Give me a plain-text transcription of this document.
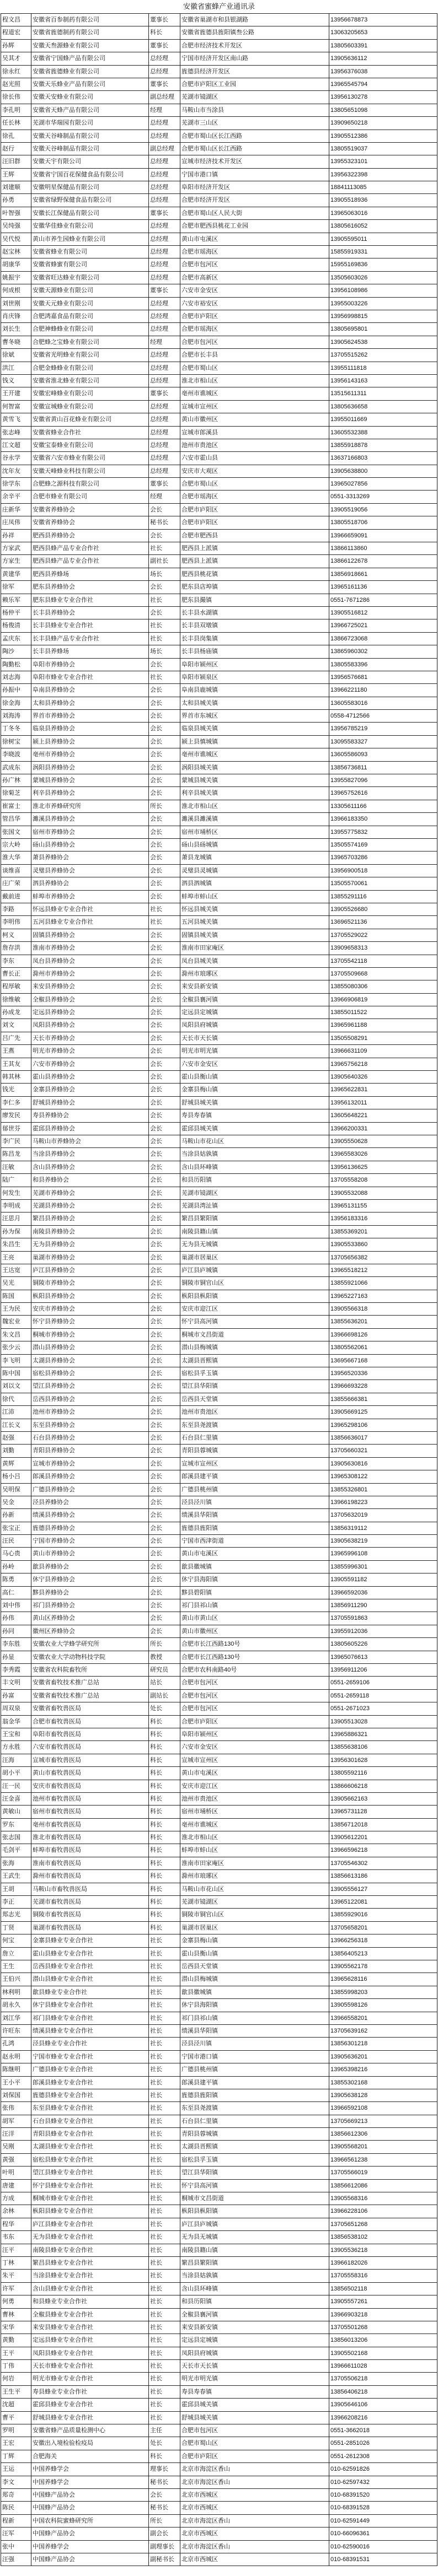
安徽省蜜蜂产业通讯录
程文昌	安徽省百参制药有限公司	董事长	安徽省巢湖市和县银湖路	13956678873
程道宏	安徽省旌德制药有限公司	科长	安徽省旌德县旌阳镇叁公路	13063205653
孙辉	安徽天叁源蜂业有限公司	董事长	合肥市经济技术开发区	13805603391
吴其才	安徽省宁国蜂产品有限公司	总经理	宁国市经济开发区南山路	13905636112
徐永红	安徽省旌德蜂业有限公司	总经理	旌德县经济开发区	13956376038
赵光照	安徽天乐蜂业产品有限公司	董事长	合肥市庐阳区工业园	13965545794
徐长伟	安徽天安蜂业有限公司	副总经理	芜湖市镜湖区	13956130278
李孔明	安徽省天蜂产品有限公司	经理	马鞍山市当涂县	13805651098
任长林	芜湖市华瑞园有限公司	总经理	芜湖市三山区	13909650218
徐孔	安徽天谷峰制品有限公司	总经理	合肥市蜀山区长江西路	13905512386
赵行	安徽天谷峰制品有限公司	副总经理	合肥市蜀山区长江西路	13805519037
汪旧群	安徽天宇有限公司	总经理	宣城市经济技术开发区	13955323101
王辉	安徽省宁国百花保健食品有限公司	总经理	宁国市港口镇	13956322398
刘建顺	安徽明星保健品有限公司	总经理	阜阳市经济开发区	18841113085
孙勇	安徽省绿野保健食品有限公司	总经理	合肥市经济开发区	13905518936
叶智强	安徽长江保健品有限公司	董事长	合肥市蜀山区人民大街	13965063016
吴纯强	安徽华佳蜂业有限公司	总经理	合肥市肥西县桃花工业园	13805616052
吴代悦	黄山市养生园蜂业有限公司	总经理	黄山市屯溪区	13905595011
赵宝林	安徽省蜂业有限公司	总经理	合肥市瑶海区	15855919331
胡康华	安徽省蜂蜜有限公司	总经理	合肥市包河区	15955169836
姚振宇	安徽省旺达蜂业有限公司	总经理	合肥市高新区	13505603026
何成根	安徽天源蜂业有限公司	董事长	六安市金安区	13956108986
刘世刚	安徽天元蜂业有限公司	总经理	六安市裕安区	13955003226
肖庆锋	合肥鸿嘉食品有限公司	总经理	合肥市庐阳区	13956998815
刘长生	合肥神蜂蜂业有限公司	总经理	合肥市瑶海区	13805695801
曹冬晓	合肥蜂之宝蜂业有限公司	经理	合肥市包河区	13905624538
徐斌	安徽省光明蜂业有限公司	总经理	合肥市长丰县	13705515262
洪江	合肥金蜂蜂业有限公司	总经理	合肥市蜀山区	13955111818
钱义	安徽省淮北蜂业有限公司	总经理	淮北市相山区	13956143163
王开建	安徽宏峰蜂业有限公司	董事长	亳州市谯城区	13515611311
何智富	安徽宣城蜂业有限公司	总经理	宣城市宣州区	13805636658
黄雪飞	安徽省黄山百花蜂业有限公司	总经理	黄山市徽州区	13955011669
张志峰	安徽省蜂业合作社	总经理	宣城市郎溪县	13605532388
江文超	安徽宝泰蜂业有限公司	总经理	池州市贵池区	13855918878
谷永学	安徽省六安市蜂业有限公司	总经理	六安市霍山县	13637166803
沈年友	安徽天峰蜂业科技有限公司	总经理	安庆市大观区	13905638800
徐学东	合肥蜂之源科技有限公司	董事长	合肥市蜀山区	13965027856
余辛平	合肥市蜂业有限公司	经理	合肥市瑶海区	0551-3313269
庄新华	安徽省养蜂协会	会长	合肥市庐阳区	13905519056
庄凤伟	安徽省养蜂协会	秘书长	合肥市庐阳区	13805518706
孙祥	肥西县养蜂协会	会长	合肥市肥西县	13966659091
方家武	肥西县蜂产品专业合作社	社长	肥西县上派镇	13866113860
方家生	肥西县蜂产品专业合作社	副社长	肥西县上派镇	13866122678
黄建华	肥西县养蜂场	场长	肥西县桃花镇	13856918661
徐军	肥东县养蜂协会	会长	肥东县店埠镇	13965161136
赖乐军	肥东县蜂业专业合作社	社长	肥东县撮镇	0551-7671286
杨仲平	长丰县养蜂协会	会长	长丰县水湖镇	13905516812
杨俊清	长丰县蜂业专业合作社	社长	长丰县双墩镇	13966725021
孟庆东	长丰县蜂产品专业合作社	社长	长丰县岗集镇	13866723068
陶沙	长丰县养蜂场	场长	长丰县杨庙镇	13865960302
陶勤松	阜阳市养蜂协会	会长	阜阳市颍州区	13805583396
刘志海	阜阳市蜂业专业合作社	社长	阜阳市颍泉区	13956576681
孙振中	阜南县养蜂协会	会长	阜南县鹿城镇	13966221180
徐金海	太和县养蜂协会	会长	太和县城关镇	13605583016
刘海涛	界首市养蜂协会	会长	界首市东城区	0558-4712566
丁冬冬	临泉县养蜂协会	会长	临泉县城关镇	13956785219
徐树宝	颍上县养蜂协会	会长	颍上县慎城镇	13095583327
李晓波	亳州市养蜂协会	会长	亳州市谯城区	13605586093
武成东	涡阳县养蜂协会	会长	涡阳县城关镇	13856736811
孙广林	蒙城县养蜂协会	会长	蒙城县城关镇	13955827096
徐菊芝	利辛县养蜂协会	会长	利辛县城关镇	13965752616
崔富士	淮北市养蜂研究所	所长	淮北市相山区	13305611166
管昌华	濉溪县养蜂协会	会长	濉溪县濉溪镇	13966183350
张国文	宿州市养蜂协会	会长	宿州市埇桥区	13955775832
宗大岭	砀山县养蜂协会	会长	砀山县砀城镇	13505574169
淮大华	萧县养蜂协会	会长	萧县龙城镇	13965703286
谈维喜	灵璧县养蜂协会	会长	灵璧县灵城镇	13956900518
庄广荣	泗县养蜂协会	会长	泗县泗城镇	13505570061
戴前进	蚌埠市养蜂协会	会长	蚌埠市蚌山区	13855291116
李路	怀远县蜂业专业合作社	社长	怀远县城关镇	13905526680
李明伟	五河县蜂业专业合作社	社长	五河县城关镇	13696521136
柯义	固镇县养蜂协会	会长	固镇县城关镇	13705529022
詹存洪	淮南市养蜂协会	会长	淮南市田家庵区	13909658313
李东	凤台县养蜂协会	会长	凤台县城关镇	13705542118
曹长正	滁州市养蜂协会	会长	滁州市琅琊区	13705509668
程厚敏	来安县养蜂协会	会长	来安县新安镇	13855080306
徐维敏	全椒县养蜂协会	会长	全椒县襄河镇	13966906819
孙成龙	定远县养蜂协会	会长	定远县定城镇	13855011522
刘文	凤阳县养蜂协会	会长	凤阳县府城镇	13965961188
吕广先	天长市养蜂协会	会长	天长市天长镇	13505508291
王燕	明光市养蜂协会	会长	明光市明光镇	13966631109
王其友	六安市养蜂协会	会长	六安市金安区	13965756218
韩其林	霍山县养蜂协会	会长	霍山县衡山镇	13905640326
钱光	金寨县养蜂协会	会长	金寨县梅山镇	13965622831
李仁多	舒城县养蜂协会	会长	舒城县城关镇	13956132011
廖发民	寿县养蜂协会	会长	寿县寿春镇	13605648221
郁世芬	霍邱县养蜂协会	会长	霍邱县城关镇	13966200331
李广民	马鞍山市养蜂协会	会长	马鞍山市花山区	13905550628
陈昌龙	当涂县养蜂协会	会长	当涂县姑孰镇	13965583026
汪敏	含山县养蜂协会	会长	含山县环峰镇	13956136625
陆广	和县养蜂协会	会长	和县历阳镇	13705558208
何发生	芜湖市养蜂协会	会长	芜湖市镜湖区	13905532088
李明成	芜湖县养蜂协会	会长	芜湖县湾沚镇	13965131155
汪思月	繁昌县养蜂协会	会长	繁昌县繁阳镇	13956183316
孙为保	南陵县养蜂协会	会长	南陵县籍山镇	13855369201
朱昌生	无为县养蜂协会	会长	无为县无城镇	13905533860
王亮	巢湖市养蜂协会	会长	巢湖市居巢区	13705656382
王达宽	庐江县养蜂协会	会长	庐江县庐城镇	13965518212
吴光	铜陵市养蜂协会	会长	铜陵市铜官山区	13855921066
陈国	枞阳县养蜂协会	会长	枞阳县枞阳镇	13965227163
王为民	安庆市养蜂协会	会长	安庆市迎江区	13905566318
魏宏业	怀宁县养蜂协会	会长	怀宁县高河镇	13855636201
朱文昌	桐城市养蜂协会	会长	桐城市文昌街道	13966698126
张少云	潜山县养蜂协会	会长	潜山县梅城镇	13805562061
李飞明	太湖县养蜂协会	会长	太湖县晋熙镇	13695667168
陈中国	宿松县养蜂协会	会长	宿松县孚玉镇	13956520336
刘以文	望江县养蜂协会	会长	望江县华阳镇	13966693228
徐代	岳西县养蜂协会	会长	岳西县天堂镇	13855666381
江沛	池州市养蜂协会	会长	池州市贵池区	13905669125
江长义	东至县养蜂协会	会长	东至县尧渡镇	13965298106
赵强	石台县养蜂协会	会长	石台县仁里镇	13856636017
刘勤	青阳县养蜂协会	会长	青阳县蓉城镇	13705660321
黄辉	宣城市养蜂协会	会长	宣城市宣州区	13905630816
杨小吕	郎溪县养蜂协会	会长	郎溪县建平镇	13965308122
吴明保	广德县养蜂协会	会长	广德县桃州镇	13855326801
吴金	泾县养蜂协会	会长	泾县泾川镇	13966198223
孙新	绩溪县养蜂协会	会长	绩溪县华阳镇	13705632019
张宝正	旌德县养蜂协会	会长	旌德县旌阳镇	13856319112
汪民	宁国市养蜂协会	会长	宁国市西津街道	13905638219
马心贵	黄山市养蜂协会	会长	黄山市屯溪区	13965996108
孙岭	歙县养蜂协会	会长	歙县徽城镇	13855996301
陈勇	休宁县养蜂协会	会长	休宁县海阳镇	13905591182
高仁	黟县养蜂协会	会长	黟县碧阳镇	13966592036
刘中伟	祁门县养蜂协会	会长	祁门县祁山镇	13856911290
孙伟	黄山区养蜂协会	会长	黄山市黄山区	13705591863
孙同	徽州区养蜂协会	会长	黄山市徽州区	13955912036
李东胜	安徽农业大学蜂学研究所	所长	合肥市长江西路130号	13805605226
孙显	安徽农业大学动物科技学院	教授	合肥市长江西路130号	13965076613
李秀霞	安徽省农科院畜牧所	研究员	合肥市农科南路40号	13956911206
丰文明	安徽省畜牧技术推广总站	站长	合肥市包河区	0551-2659106
孙富	安徽省畜牧技术推广总站	副站长	合肥市包河区	0551-2659118
周双泉	安徽省畜牧兽医局	处长	合肥市包河区	0551-2671023
翁金华	合肥市畜牧兽医局	科长	合肥市庐阳区	13905513028
王宝和	阜阳市畜牧兽医局	科长	阜阳市颍州区	13965886321
方永胜	六安市畜牧兽医局	科长	六安市金安区	13855638106
汪海	宣城市畜牧兽医局	科长	宣城市宣州区	13956301628
胡小平	黄山市畜牧兽医局	科长	黄山市屯溪区	13805592116
汪一民	安庆市畜牧兽医局	科长	安庆市迎江区	13866606218
汪金喜	池州市畜牧兽医局	科长	池州市贵池区	13905662163
黄敏山	宿州市畜牧兽医局	科长	宿州市埇桥区	13965731128
罗东	亳州市畜牧兽医局	科长	亳州市谯城区	13856712018
张志国	淮北市畜牧兽医局	科长	淮北市相山区	13905612201
毛剑平	蚌埠市畜牧兽医局	科长	蚌埠市蚌山区	13966596218
张海	淮南市畜牧兽医局	科长	淮南市田家庵区	13705546302
王武生	滁州市畜牧兽医局	科长	滁州市琅琊区	13856613186
王胡	马鞍山市畜牧兽医局	科长	马鞍山市花山区	13905556127
李正	芜湖市畜牧兽医局	科长	芜湖市镜湖区	13965122081
郑志光	铜陵市畜牧兽医局	科长	铜陵市铜官山区	13855929016
丁贤	巢湖市畜牧兽医局	科长	巢湖市居巢区	13705658201
何宝	金寨县蜂业专业合作社	社长	金寨县梅山镇	13966256318
詹立	霍山县蜂业专业合作社	社长	霍山县衡山镇	13856405213
王生	岳西县蜂业专业合作社	社长	岳西县天堂镇	13905562178
王伯兴	潜山县蜂业专业合作社	社长	潜山县梅城镇	13965628116
林利明	歙县蜂业专业合作社	社长	歙县徽城镇	13855998203
胡永久	休宁县蜂业专业合作社	社长	休宁县海阳镇	13905598126
刘江华	祁门县蜂业专业合作社	社长	祁门县祁山镇	13966558201
许旺东	绩溪县蜂业专业合作社	社长	绩溪县华阳镇	13705639162
孔鸿	泾县蜂业专业合作社	社长	泾县泾川镇	13856301218
赵永明	宁国市蜂业专业合作社	社长	宁国市港口镇	13905636201
陈继明	广德县蜂业专业合作社	社长	广德县桃州镇	13965398216
王小平	郎溪县蜂业专业合作社	社长	郎溪县建平镇	13855302168
刘保国	旌德县蜂业专业合作社	社长	旌德县旌阳镇	13905638128
张伟	东至县蜂业专业合作社	社长	东至县尧渡镇	13966592108
胡军	石台县蜂业专业合作社	社长	石台县仁里镇	13705669213
汪洋	青阳县蜂业专业合作社	社长	青阳县蓉城镇	13856612306
吴刚	太湖县蜂业专业合作社	社长	太湖县晋熙镇	13905568201
黄强	宿松县蜂业专业合作社	社长	宿松县孚玉镇	13966561238
叶明	望江县蜂业专业合作社	社长	望江县华阳镇	13705566019
唐建	怀宁县蜂业专业合作社	社长	怀宁县高河镇	13856612086
方成	桐城市蜂业专业合作社	社长	桐城市文昌街道	13905568316
余林	枞阳县蜂业专业合作社	社长	枞阳县枞阳镇	13966228106
程华	庐江县蜂业专业合作社	社长	庐江县庐城镇	13705651268
韦东	无为县蜂业专业合作社	社长	无为县无城镇	13856538102
汪平	南陵县蜂业专业合作社	社长	南陵县籍山镇	13905536218
丁林	繁昌县蜂业专业合作社	社长	繁昌县繁阳镇	13966182026
朱平	当涂县蜂业专业合作社	社长	当涂县姑孰镇	13705558316
许军	含山县蜂业专业合作社	社长	含山县环峰镇	13856502118
何勇	和县蜂业专业合作社	社长	和县历阳镇	13905557261
曹林	全椒县蜂业专业合作社	社长	全椒县襄河镇	13966903218
宋华	来安县蜂业专业合作社	社长	来安县新安镇	13705501268
黄勤	定远县蜂业专业合作社	社长	定远县定城镇	13856013206
王平	凤阳县蜂业专业合作社	社长	凤阳县府城镇	13905502168
丁伟	天长市蜂业专业合作社	社长	天长市天长镇	13966611028
何岩	明光市蜂业专业合作社	社长	明光市明光镇	13705506218
王生平	寿县蜂业专业合作社	社长	寿县寿春镇	13856406218
沈超	霍邱县蜂业专业合作社	社长	霍邱县城关镇	13905646106
曹平	舒城县蜂业专业合作社	社长	舒城县城关镇	13966208216
罗明	安徽省蜂产品质量检测中心	主任	合肥市包河区	0551-3662018
王宏	安徽出入境检验检疫局	处长	合肥市蜀山区	0551-2851026
丁辉	合肥海关	科长	合肥市庐阳区	0551-2612308
王运	中国养蜂学会	理事长	北京市海淀区香山	010-62591826
李文	中国养蜂学会	秘书长	北京市海淀区香山	010-62597432
郑奇	中国蜂产品协会	会长	北京市西城区	010-68391520
陈民	中国蜂产品协会	秘书长	北京市西城区	010-68391528
程新	中国农科院蜜蜂研究所	所长	北京市海淀区香山	010-62591449
汪军	中国蜂产品协会	副会长	北京市西城区	010-66096361
张中	中国养蜂学会	副理事长	北京市海淀区香山	010-62590016
汪强	中国蜂产品协会	副秘书长	北京市西城区	010-68391531
